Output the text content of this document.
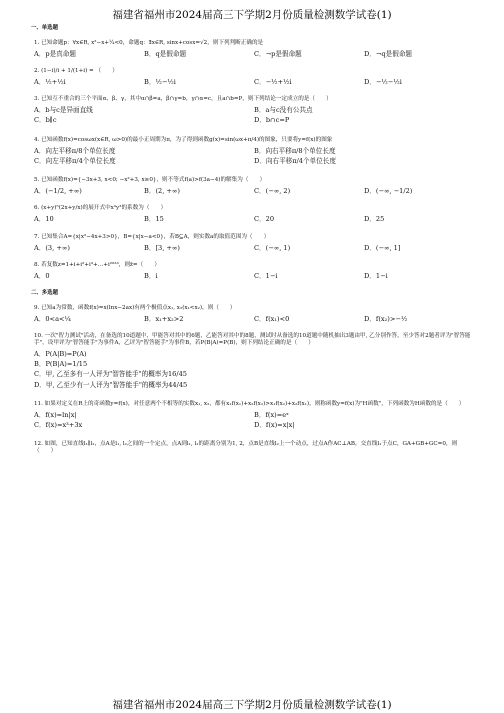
福建省福州市2024届高三下学期2月份质量检测数学试卷(1)
一、单选题
1. 已知命题p：∀x∈R, x²−x+¼<0，命题q：∃x∈R, sinx+cosx=√2，则下列判断正确的是
A．p是真命题	B．q是假命题	C．¬p是假命题	D．¬q是假命题
2. (1−i)/i + 1/(1+i) = （　　）
A．½+½i	B．½−½i	C．−½+½i	D．−½−½i
3. 已知互不重合的三个平面α、β、γ，其中α∩β=a，β∩γ=b，γ∩α=c，且a∩b=P，则下列结论一定成立的是（　　）
A．b与c是异面直线	B．a与c没有公共点
C．b∥c	D．b∩c=P
4. 已知函数f(x)=cosωx(x∈R, ω>0)的最小正周期为π，为了得到函数g(x)=sin(ωx+π/4)的图象，只要将y=f(x)的图象
A．向左平移π/8个单位长度	B．向右平移π/8个单位长度
C．向左平移π/4个单位长度	D．向右平移π/4个单位长度
5. 已知函数f(x)={−3x+3, x<0; −x²+3, x≥0}，则不等式f(a)>f(3a−4)的解集为（　　）
A．(−1/2, +∞)	B．(2, +∞)	C．(−∞, 2)	D．(−∞, −1/2)
6. (x+y)⁵(2x+y/x)的展开式中x³y³的系数为（　　）
A．10	B．15	C．20	D．25
7. 已知集合A={x|x²−4x+3>0}，B={x|x−a<0}，若B⊆A，则实数a的取值范围为（　　）
A．(3, +∞)	B．[3, +∞)	C．(−∞, 1)	D．(−∞, 1]
8. 若复数z=1+i+i²+i³+…+i²⁰²³，则z̄=（　　）
A．0	B．i	C．1−i	D．1−i
二、多选题
9. 已知a为常数，函数f(x)=x(lnx−2ax)有两个极值点x₁, x₂(x₁<x₂)，则（　　）
A．0<a<¼	B．x₁+x₂>2	C．f(x₁)<0	D．f(x₂)>−½
10. 一次"智力测试"活动，在备选的10道题中，甲能答对其中的6题，乙能答对其中的8题，测试时从备选的10道题中随机抽出3题由甲, 乙分别作答，至少答对2题者评为"智答能手"，设甲评为"智答能手"为事件A，乙评为"智答能手"为事件B，若P(B|A)=P(B)，则下列结论正确的是（　　）
A．P(A|B)=P(A)
B．P(B|A)=1/15
C．甲, 乙至多有一人评为"智答能手"的概率为16/45
D．甲, 乙至少有一人评为"智答能手"的概率为44/45
11. 如果对定义在R上的奇函数y=f(x)，对任意两个不相等的实数x₁, x₂，都有x₁f(x₁)+x₂f(x₂)>x₁f(x₂)+x₂f(x₁)，则称函数y=f(x)为"H函数"，下列函数为H函数的是（　　）
A．f(x)=ln|x|	B．f(x)=eˣ
C．f(x)=x³+3x	D．f(x)=x|x|
12. 如图，已知直线l₁∥l₂，点A是l₁, l₂之间的一个定点，点A到l₁, l₂的距离分别为1, 2，点B是直线l₂上一个动点，过点A作AC⊥AB，交直线l₁于点C，GA+GB+GC=0，则（　　）
福建省福州市2024届高三下学期2月份质量检测数学试卷(1)
